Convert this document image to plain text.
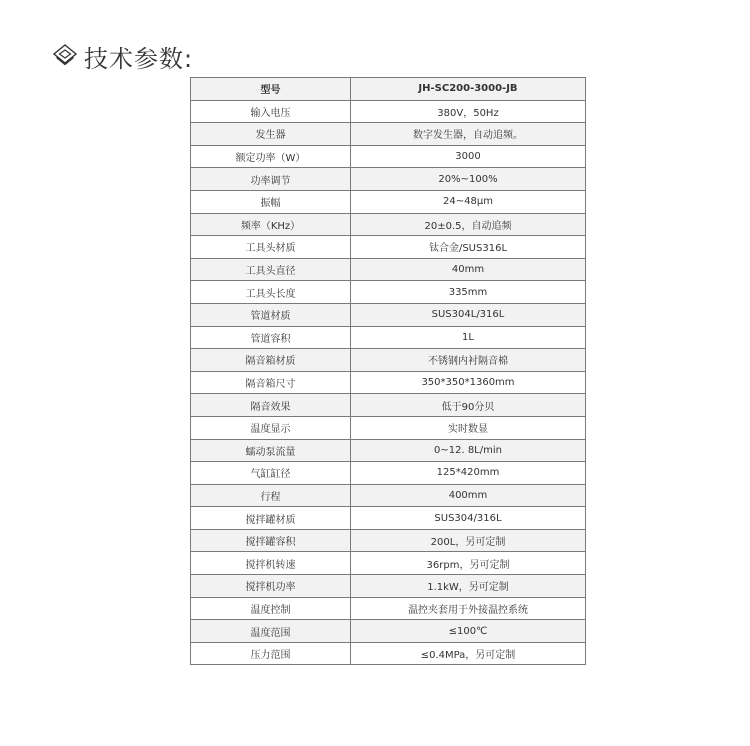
技术参数:
型号	JH-SC200-3000-JB
输入电压	380V，50Hz
发生器	数字发生器，自动追频。
额定功率（W）	3000
功率调节	20%~100%
振幅	24~48μm
频率（KHz）	20±0.5，自动追频
工具头材质	钛合金/SUS316L
工具头直径	40mm
工具头长度	335mm
管道材质	SUS304L/316L
管道容积	1L
隔音箱材质	不锈钢内衬隔音棉
隔音箱尺寸	350*350*1360mm
隔音效果	低于90分贝
温度显示	实时数显
蠕动泵流量	0~12. 8L/min
气缸缸径	125*420mm
行程	400mm
搅拌罐材质	SUS304/316L
搅拌罐容积	200L，另可定制
搅拌机转速	36rpm，另可定制
搅拌机功率	1.1kW，另可定制
温度控制	温控夹套用于外接温控系统
温度范围	≤100℃
压力范围	≤0.4MPa，另可定制
